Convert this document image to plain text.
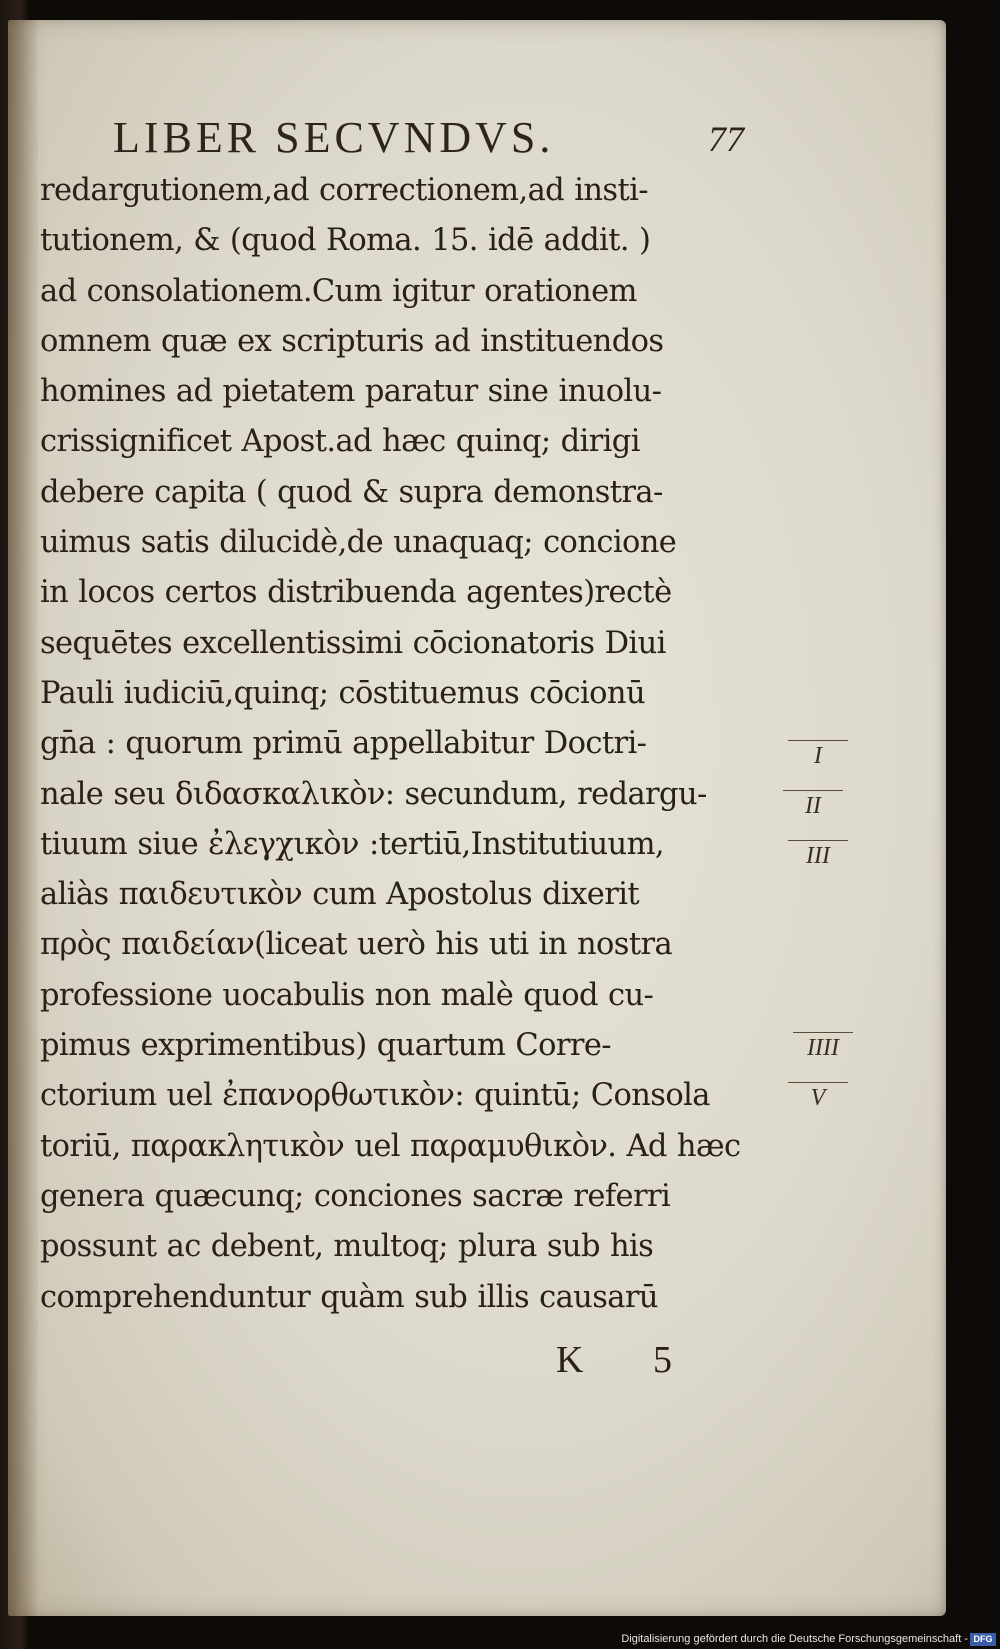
LIBER SECVNDVS.	77
redargutionem,ad correctionem,ad insti-
tutionem, & (quod Roma. 15. idē addit. )
ad consolationem.Cum igitur orationem
omnem quæ ex scripturis ad instituendos
homines ad pietatem paratur sine inuolu-
crissignificet Apost.ad hæc quinq; dirigi
debere capita ( quod & supra demonstra-
uimus satis dilucidè,de unaquaq; concione
in locos certos distribuenda agentes)rectè
sequētes excellentissimi cōcionatoris Diui
Pauli iudiciū,quinq; cōstituemus cōcionū
gn̄a : quorum primū appellabitur Doctri-
nale seu διδασκαλικὸν: secundum, redargu-
tiuum siue ἐλεγχικὸν :tertiū,Institutiuum,
aliàs παιδευτικὸν cum Apostolus dixerit
πρὸς παιδείαν(liceat uerò his uti in nostra
professione uocabulis non malè quod cu-
pimus exprimentibus) quartum Corre-
ctorium uel ἐπανορθωτικὸν: quintū; Consola
toriū, παρακλητικὸν uel παραμυθικὸν. Ad hæc
genera quæcunq; conciones sacræ referri
possunt ac debent, multoq; plura sub his
comprehenduntur quàm sub illis causarū
I
II
III
IIII
V
K 5
Digitalisierung gefördert durch die Deutsche Forschungsgemeinschaft - DFG
